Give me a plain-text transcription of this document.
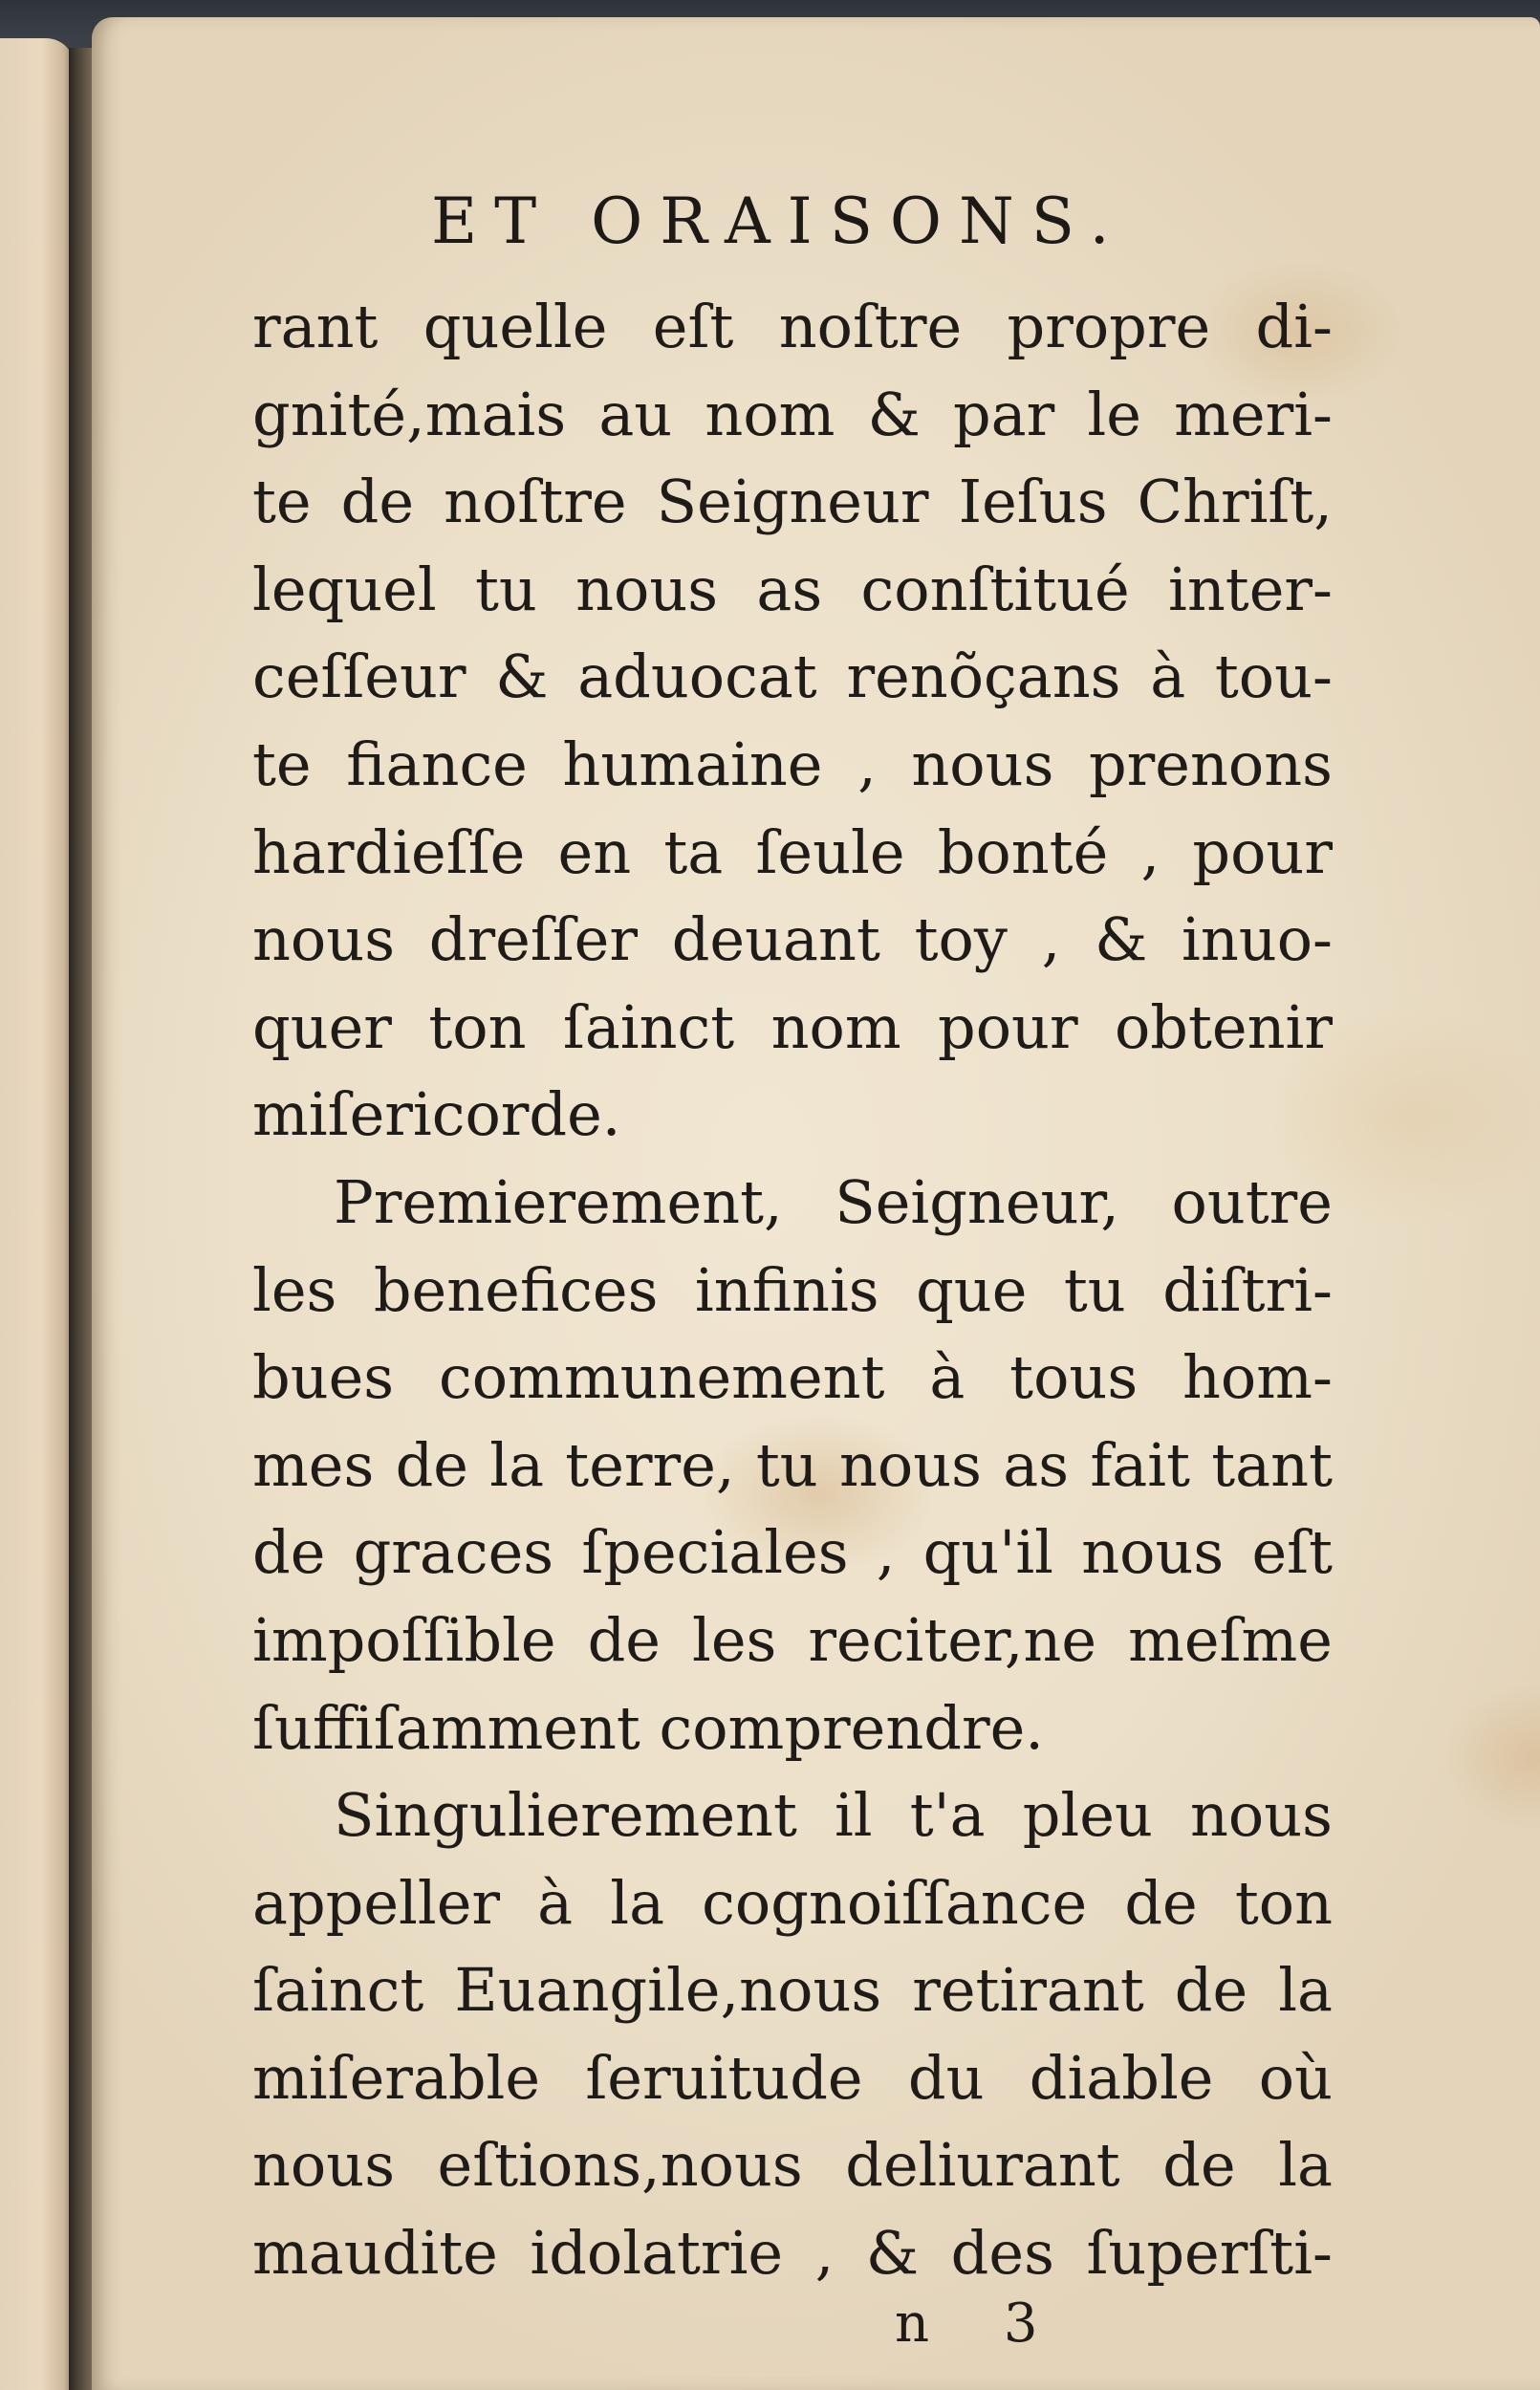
ET ORAISONS.
rant quelle eſt noſtre propre di-
gnité,mais au nom & par le meri-
te de noſtre Seigneur Ieſus Chriſt,
lequel tu nous as conſtitué inter-
ceſſeur & aduocat renõçans à tou-
te fiance humaine , nous prenons
hardieſſe en ta ſeule bonté , pour
nous dreſſer deuant toy , & inuo-
quer ton ſainct nom pour obtenir
miſericorde.
Premierement, Seigneur, outre
les benefices infinis que tu diſtri-
bues communement à tous hom-
mes de la terre, tu nous as fait tant
de graces ſpeciales , qu'il nous eſt
impoſſible de les reciter,ne meſme
ſuffiſamment comprendre.
Singulierement il t'a pleu nous
appeller à la cognoiſſance de ton
ſainct Euangile,nous retirant de la
miſerable ſeruitude du diable où
nous eſtions,nous deliurant de la
maudite idolatrie , & des ſuperſti-
n 3
